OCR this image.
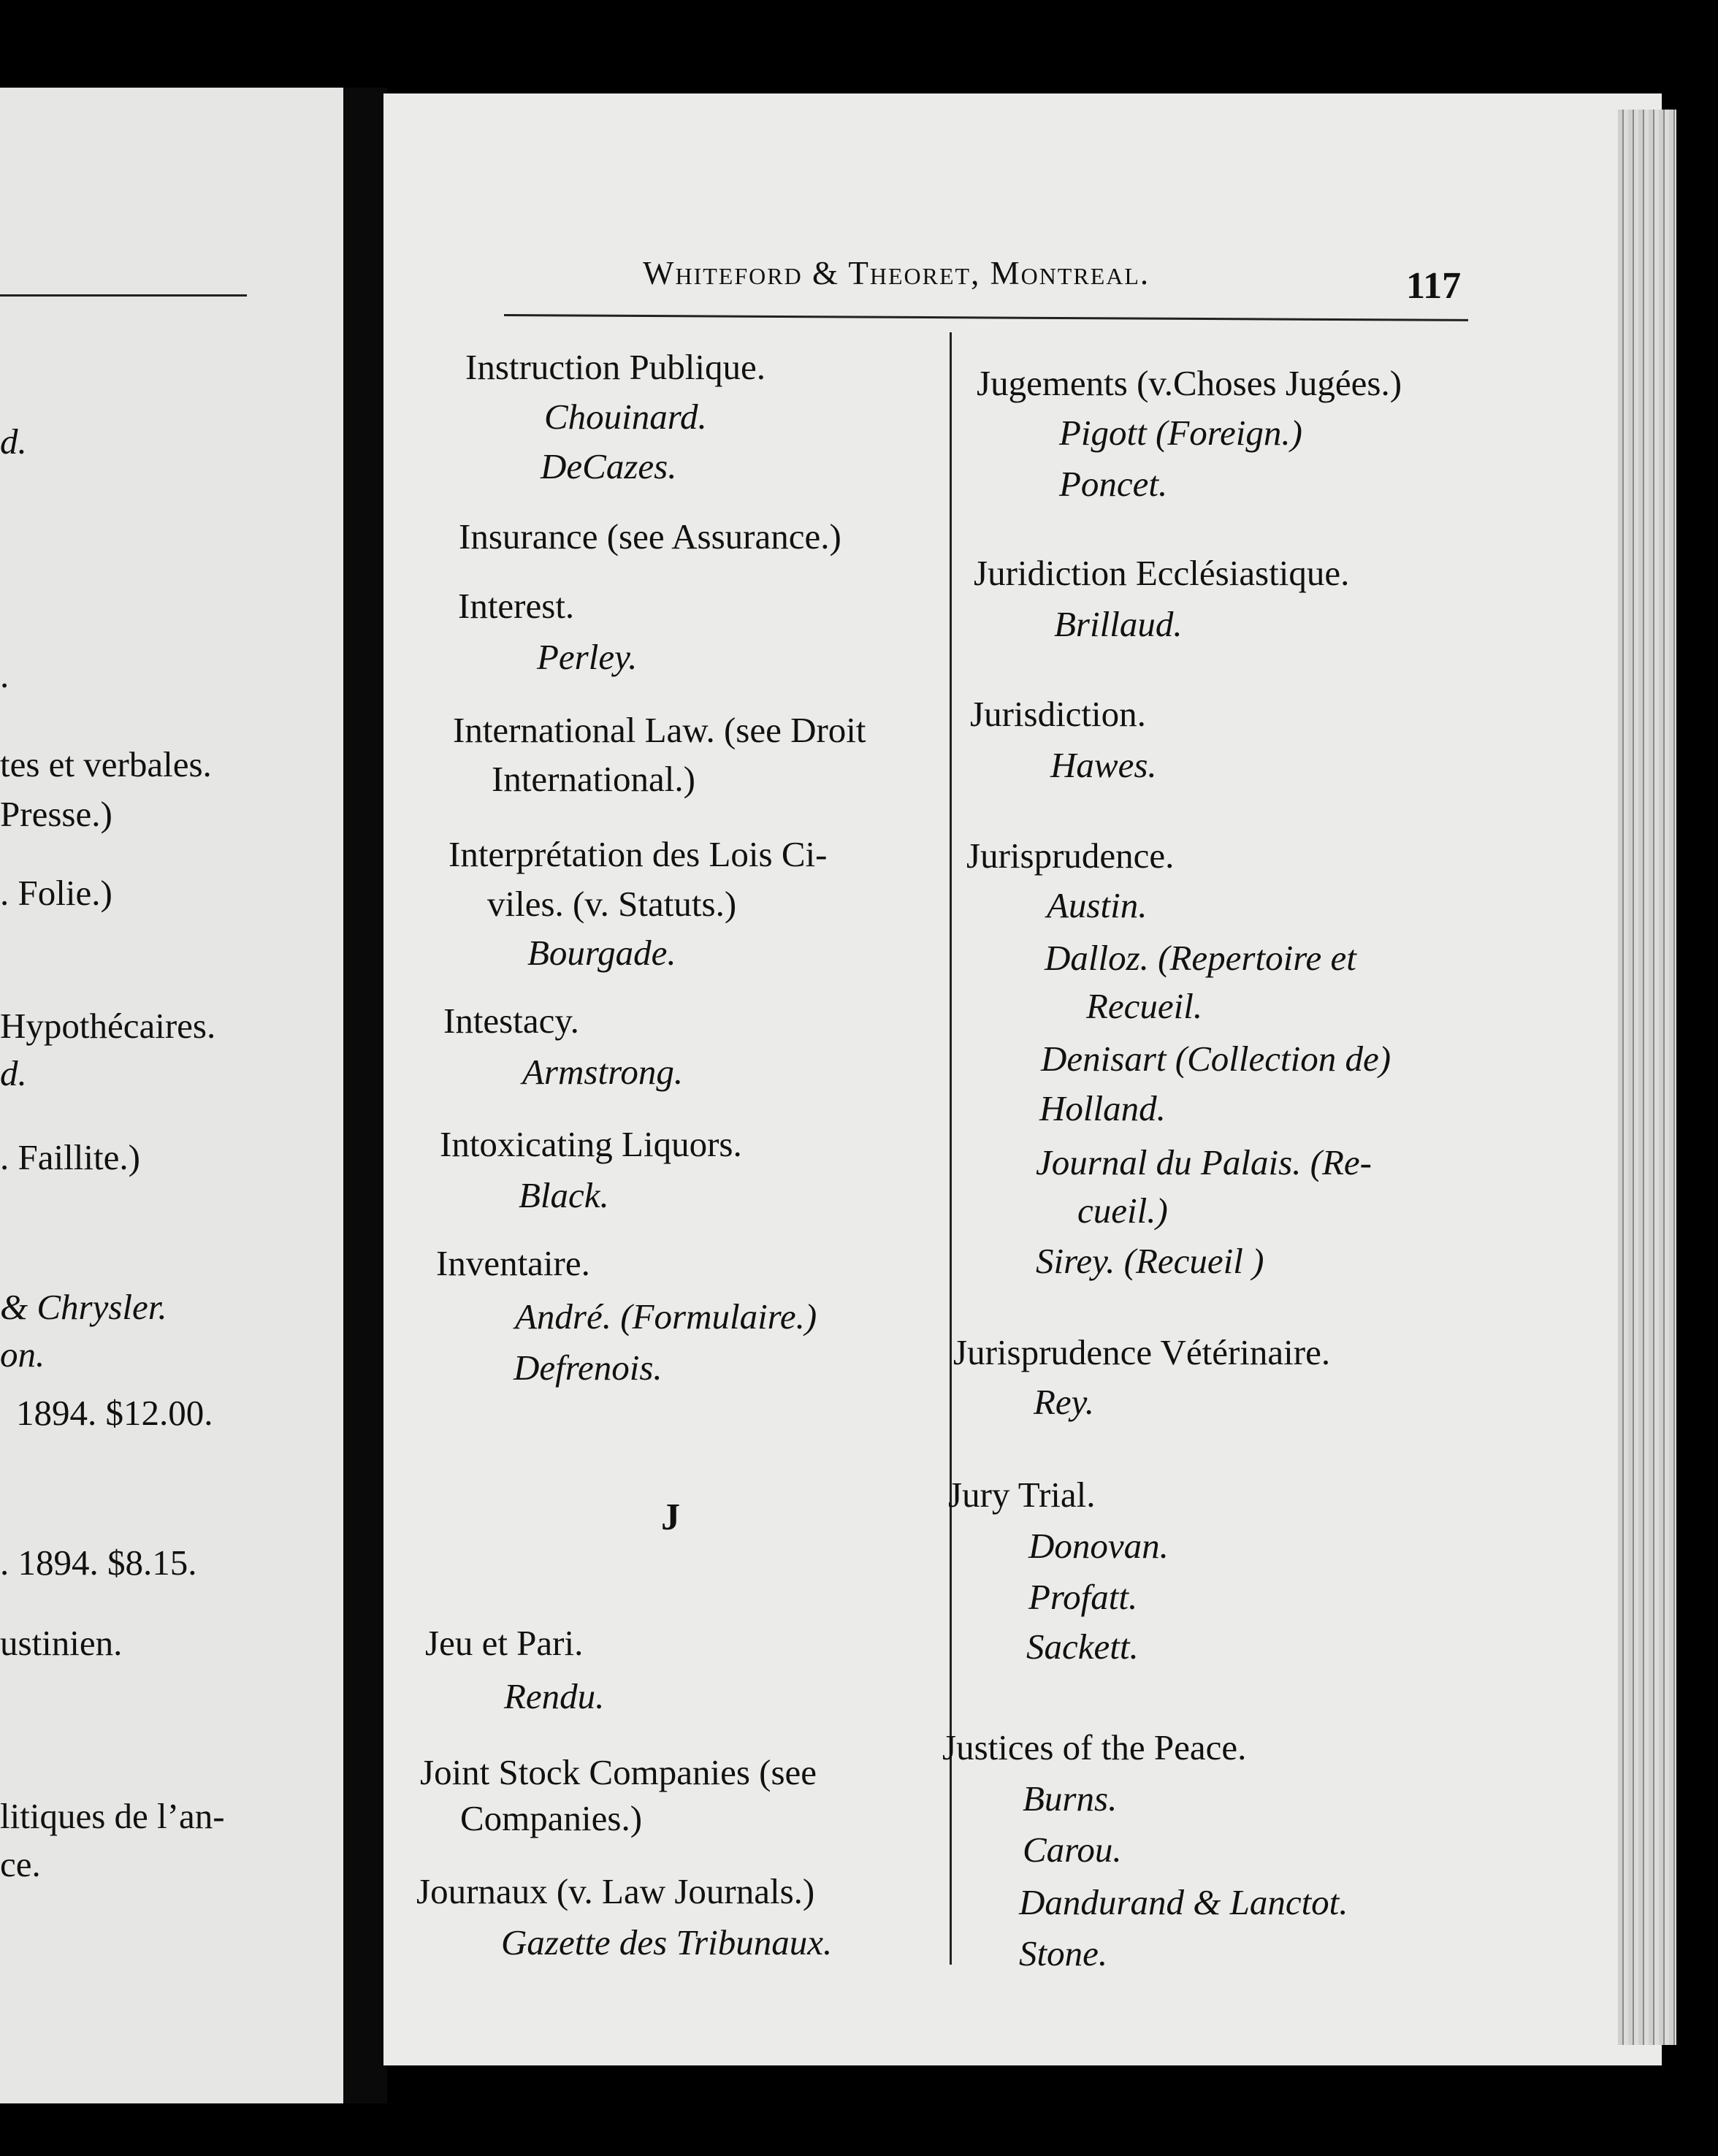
d.
.
tes et verbales.
Presse.)
. Folie.)
Hypothécaires.
d.
. Faillite.)
& Chrysler.
on.
1894. $12.00.
. 1894. $8.15.
ustinien.
litiques de l’an-
ce.
Whiteford & Theoret, Montreal.	117
Instruction Publique.
Chouinard.
DeCazes.
Insurance (see Assurance.)
Interest.
Perley.
International Law. (see Droit
International.)
Interprétation des Lois Ci-
viles. (v. Statuts.)
Bourgade.
Intestacy.
Armstrong.
Intoxicating Liquors.
Black.
Inventaire.
André. (Formulaire.)
Defrenois.
J
Jeu et Pari.
Rendu.
Joint Stock Companies (see
Companies.)
Journaux (v. Law Journals.)
Gazette des Tribunaux.
Jugements (v.Choses Jugées.)
Pigott (Foreign.)
Poncet.
Juridiction Ecclésiastique.
Brillaud.
Jurisdiction.
Hawes.
Jurisprudence.
Austin.
Dalloz. (Repertoire et
Recueil.
Denisart (Collection de)
Holland.
Journal du Palais. (Re-
cueil.)
Sirey. (Recueil )
Jurisprudence Vétérinaire.
Rey.
Jury Trial.
Donovan.
Profatt.
Sackett.
Justices of the Peace.
Burns.
Carou.
Dandurand & Lanctot.
Stone.
